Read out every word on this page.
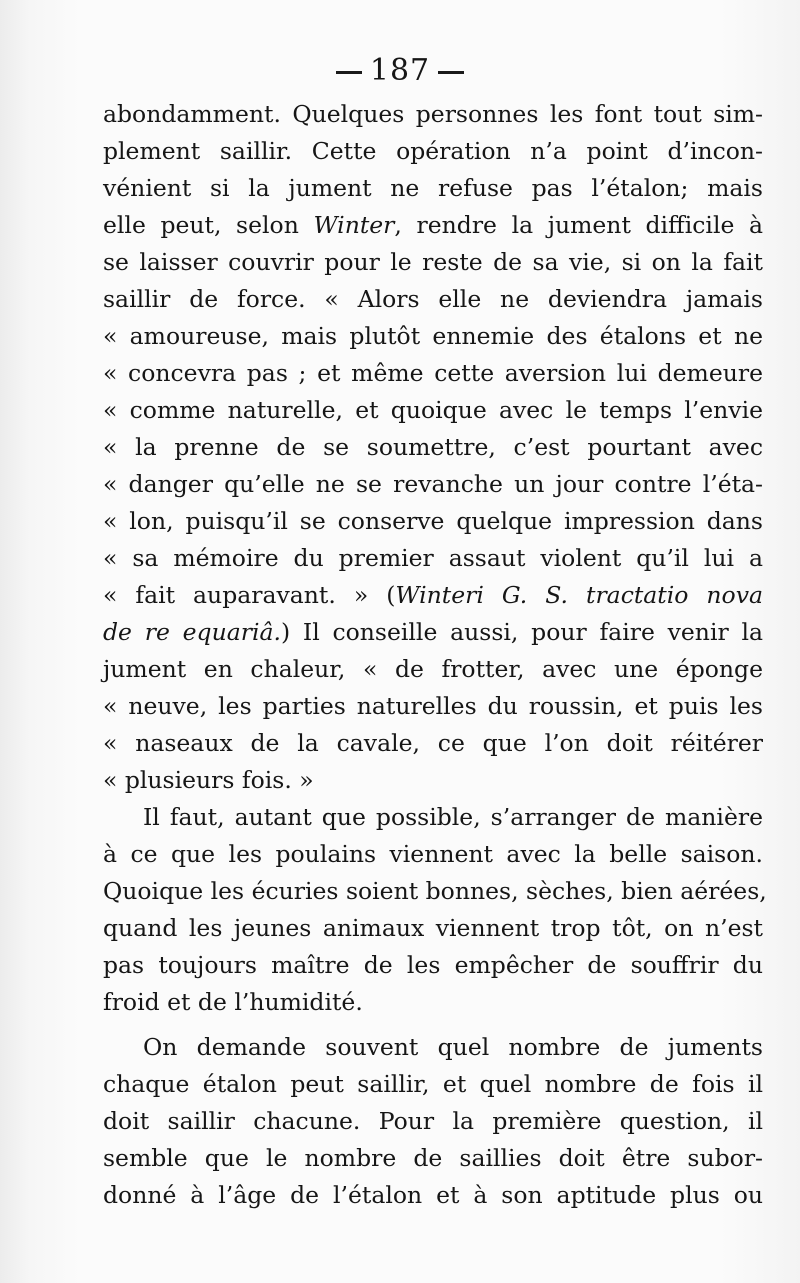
187
abondamment. Quelques personnes les font tout sim-
plement saillir. Cette opération n’a point d’incon-
vénient si la jument ne refuse pas l’étalon; mais
elle peut, selon Winter, rendre la jument difficile à
se laisser couvrir pour le reste de sa vie, si on la fait
saillir de force. « Alors elle ne deviendra jamais
« amoureuse, mais plutôt ennemie des étalons et ne
« concevra pas ; et même cette aversion lui demeure
« comme naturelle, et quoique avec le temps l’envie
« la prenne de se soumettre, c’est pourtant avec
« danger qu’elle ne se revanche un jour contre l’éta-
« lon, puisqu’il se conserve quelque impression dans
« sa mémoire du premier assaut violent qu’il lui a
« fait auparavant. » (Winteri G. S. tractatio nova
de re equariâ.) Il conseille aussi, pour faire venir la
jument en chaleur, « de frotter, avec une éponge
« neuve, les parties naturelles du roussin, et puis les
« naseaux de la cavale, ce que l’on doit réitérer
« plusieurs fois. »
Il faut, autant que possible, s’arranger de manière
à ce que les poulains viennent avec la belle saison.
Quoique les écuries soient bonnes, sèches, bien aérées,
quand les jeunes animaux viennent trop tôt, on n’est
pas toujours maître de les empêcher de souffrir du
froid et de l’humidité.
On demande souvent quel nombre de juments
chaque étalon peut saillir, et quel nombre de fois il
doit saillir chacune. Pour la première question, il
semble que le nombre de saillies doit être subor-
donné à l’âge de l’étalon et à son aptitude plus ou
